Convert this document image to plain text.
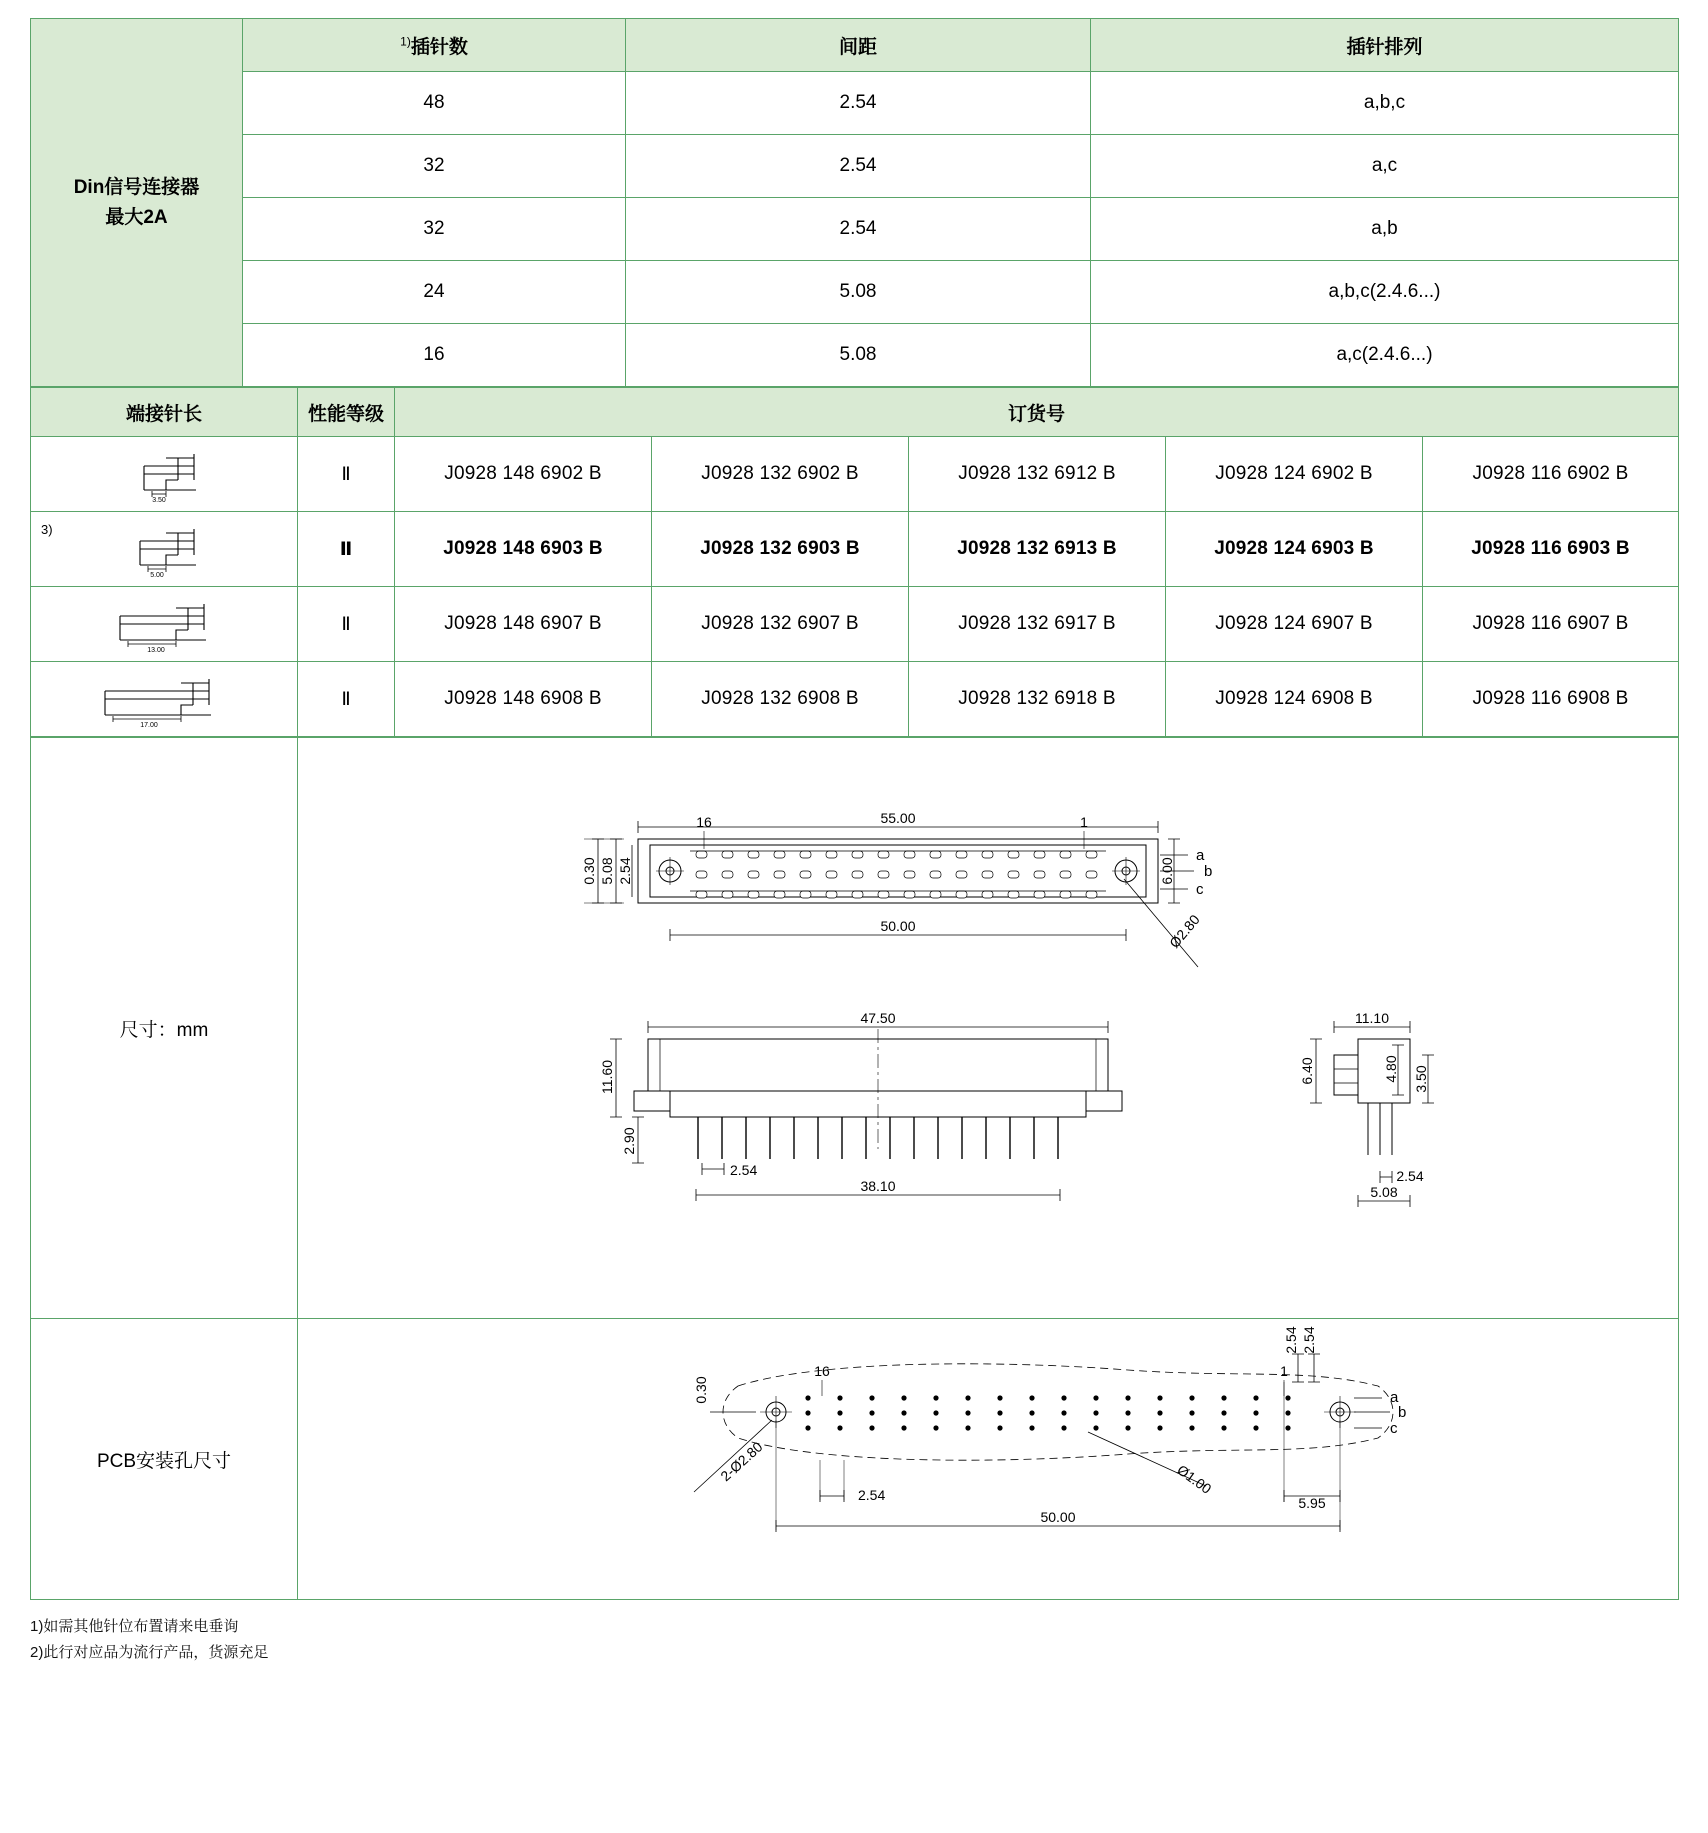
Din信号连接器
最大2A	$^{1)}$插针数	间距	插针排列
	48	2.54	a,b,c
	32	2.54	a,c
	32	2.54	a,b
	24	5.08	a,b,c(2.4.6...)
	16	5.08	a,c(2.4.6...)
端接针长	性能等级	订货号				

3.50	Ⅱ	J0928 148 6902 B	J0928 132 6902 B	J0928 132 6912 B	J0928 124 6902 B	J0928 116 6902 B

3)
5.00	Ⅱ	J0928 148 6903 B	J0928 132 6903 B	J0928 132 6913 B	J0928 124 6903 B	J0928 116 6903 B

13.00	Ⅱ	J0928 148 6907 B	J0928 132 6907 B	J0928 132 6917 B	J0928 124 6907 B	J0928 116 6907 B

17.00	Ⅱ	J0928 148 6908 B	J0928 132 6908 B	J0928 132 6918 B	J0928 124 6908 B	J0928 116 6908 B
尺寸：mm	
55.00
50.00
16	1
0.30 5.08 2.54	6.00
a
b
c
Ø2.80
47.50
11.60
2.90
2.54
38.10
11.10
6.40	4.80 3.50
2.54
5.08

PCB安装孔尺寸	
0.30
16	1
a
b
c
2.54 2.54
2-Ø2.80	Ø1.00
2.54	5.95
50.00
1)如需其他针位布置请来电垂询
2)此行对应品为流行产品，货源充足
